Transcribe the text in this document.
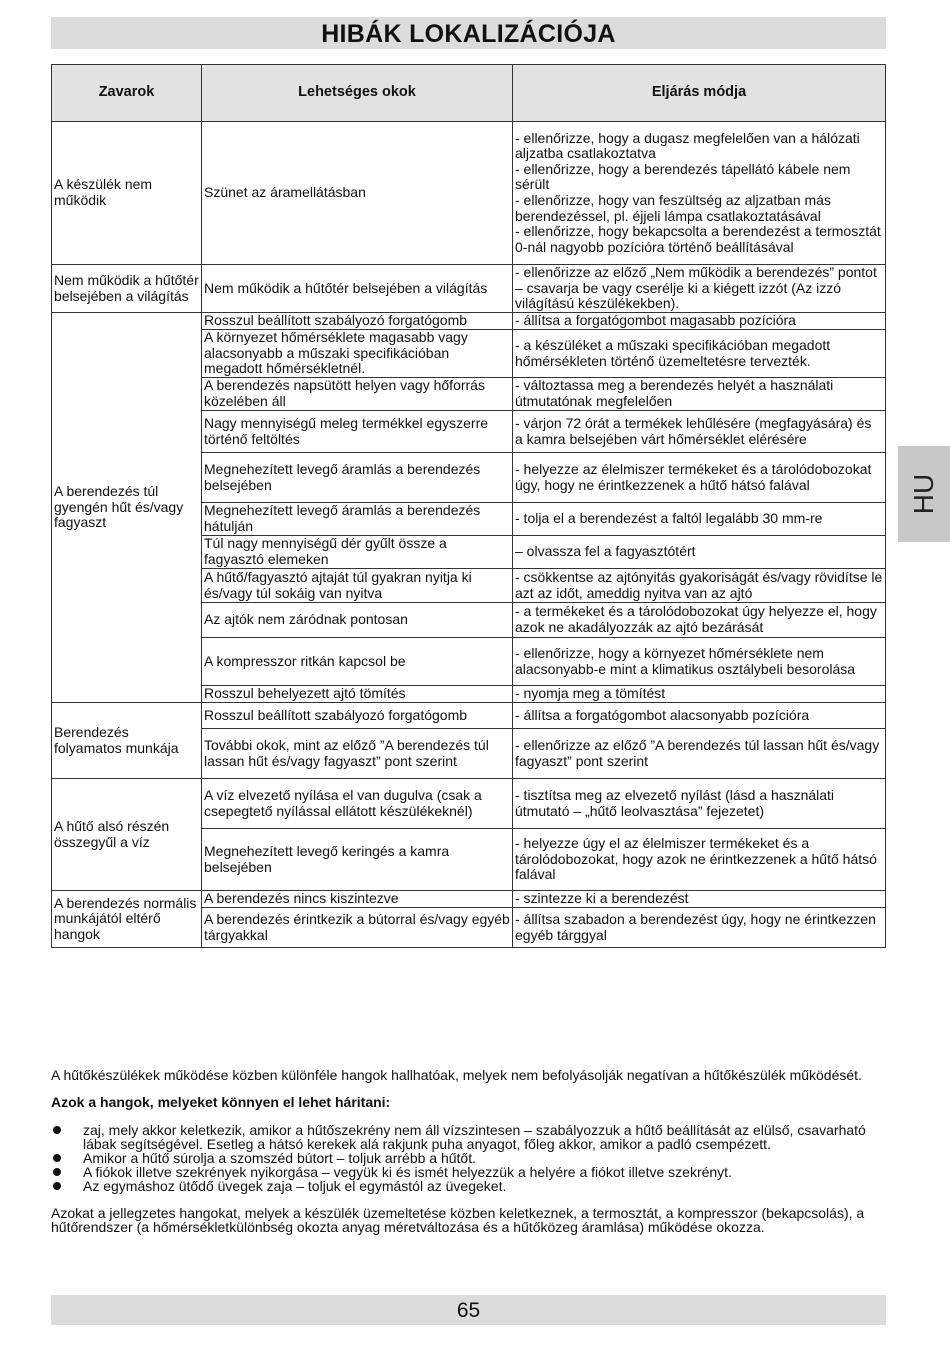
HIBÁK LOKALIZÁCIÓJA
HU
Zavarok	Lehetséges okok	Eljárás módja
A készülék nem működik	Szünet az áramellátásban	- ellenőrizze, hogy a dugasz megfelelően van a hálózati aljzatba csatlakoztatva
- ellenőrizze, hogy a berendezés tápellátó kábele nem sérült
- ellenőrizze, hogy van feszültség az aljzatban más berendezéssel, pl. éjjeli lámpa csatlakoztatásával
- ellenőrizze, hogy bekapcsolta a berendezést a termosztát 0-nál nagyobb pozícióra történő beállításával
Nem működik a hűtőtér belsejében a világítás	Nem működik a hűtőtér belsejében a világítás	- ellenőrizze az előző „Nem működik a berendezés” pontot – csavarja be vagy cserélje ki a kiégett izzót (Az izzó világítású készülékekben).
A berendezés túl gyengén hűt és/vagy fagyaszt	Rosszul beállított szabályozó forgatógomb	- állítsa a forgatógombot magasabb pozícióra
	A környezet hőmérséklete magasabb vagy alacsonyabb a műszaki specifikációban megadott hőmérsékletnél.	- a készüléket a műszaki specifikációban megadott hőmérsékleten történő üzemeltetésre tervezték.
	A berendezés napsütött helyen vagy hőforrás közelében áll	- változtassa meg a berendezés helyét a használati útmutatónak megfelelően
	Nagy mennyiségű meleg termékkel egyszerre történő feltöltés	- várjon 72 órát a termékek lehűlésére (megfagyására) és a kamra belsejében várt hőmérséklet elérésére
	Megnehezített levegő áramlás a berendezés belsejében	- helyezze az élelmiszer termékeket és a tárolódobozokat úgy, hogy ne érintkezzenek a hűtő hátsó falával
	Megnehezített levegő áramlás a berendezés hátulján	- tolja el a berendezést a faltól legalább 30 mm-re
	Túl nagy mennyiségű dér gyűlt össze a fagyasztó elemeken	– olvassza fel a fagyasztótért
	A hűtő/fagyasztó ajtaját túl gyakran nyitja ki és/vagy túl sokáig van nyitva	- csökkentse az ajtónyitás gyakoriságát és/vagy rövidítse le azt az időt, ameddig nyitva van az ajtó
	Az ajtók nem záródnak pontosan	- a termékeket és a tárolódobozokat úgy helyezze el, hogy azok ne akadályozzák az ajtó bezárását
	A kompresszor ritkán kapcsol be	- ellenőrizze, hogy a környezet hőmérséklete nem alacsonyabb-e mint a klimatikus osztálybeli besorolása
	Rosszul behelyezett ajtó tömítés	- nyomja meg a tömítést
Berendezés folyamatos munkája	Rosszul beállított szabályozó forgatógomb	- állítsa a forgatógombot alacsonyabb pozícióra
	További okok, mint az előző ”A berendezés túl lassan hűt és/vagy fagyaszt” pont szerint	- ellenőrizze az előző ”A berendezés túl lassan hűt és/vagy fagyaszt” pont szerint
A hűtő alsó részén összegyűl a víz	A víz elvezető nyílása el van dugulva (csak a csepegtető nyílással ellátott készülékeknél)	- tisztítsa meg az elvezető nyílást (lásd a használati útmutató – „hűtő leolvasztása” fejezetet)
	Megnehezített levegő keringés a kamra belsejében	- helyezze úgy el az élelmiszer termékeket és a tárolódobozokat, hogy azok ne érintkezzenek a hűtő hátsó falával
A berendezés normális munkájától eltérő hangok	A berendezés nincs kiszintezve	- szintezze ki a berendezést
	A berendezés érintkezik a bútorral és/vagy egyéb tárgyakkal	- állítsa szabadon a berendezést úgy, hogy ne érintkezzen egyéb tárggyal

A hűtőkészülékek működése közben különféle hangok hallhatóak, melyek nem befolyásolják negatívan a hűtőkészülék működését.

Azok a hangok, melyeket könnyen el lehet háritani:

zaj, mely akkor keletkezik, amikor a hűtőszekrény nem áll vízszintesen – szabályozzuk a hűtő beállítását az elülső, csavarható lábak segítségével. Esetleg a hátsó kerekek alá rakjunk puha anyagot, főleg akkor, amikor a padló csempézett.
Amikor a hűtő súrolja a szomszéd bútort – toljuk arrébb a hűtőt.
A fiókok illetve szekrények nyikorgása – vegyük ki és ismét helyezzük a helyére a fiókot illetve szekrényt.
Az egymáshoz ütődő üvegek zaja – toljuk el egymástól az üvegeket.

Azokat a jellegzetes hangokat, melyek a készülék üzemeltetése közben keletkeznek, a termosztát, a kompresszor (bekapcsolás), a hűtőrendszer (a hőmérsékletkülönbség okozta anyag méretváltozása és a hűtőközeg áramlása) működése okozza.

65
